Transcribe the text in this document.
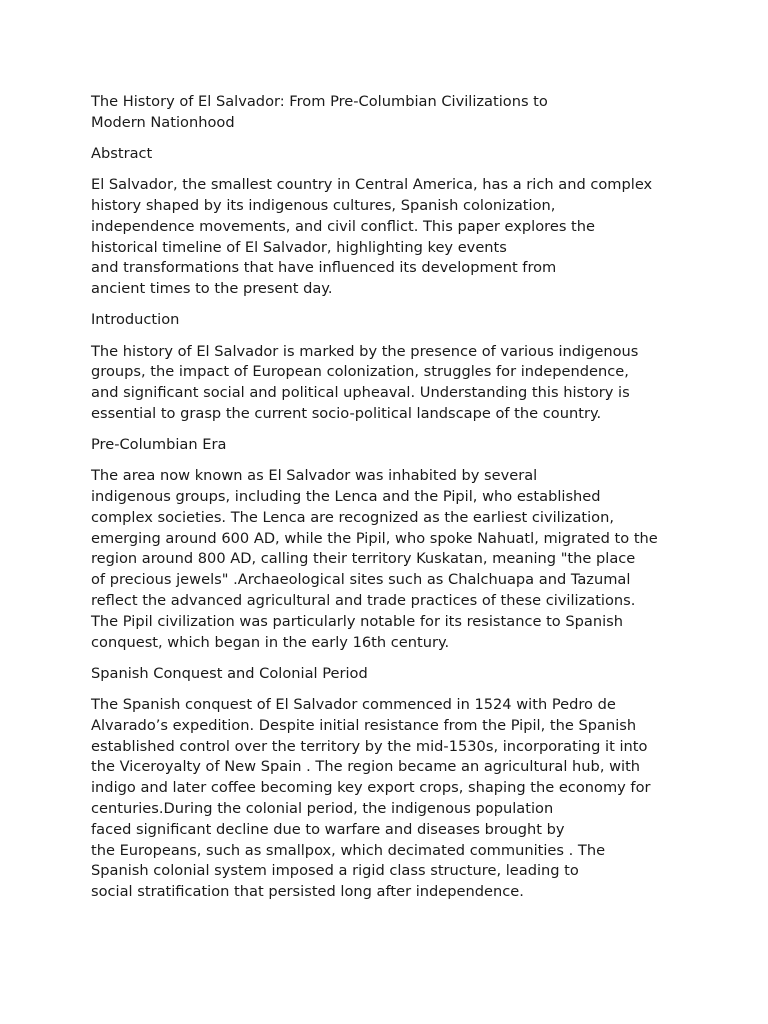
The History of El Salvador: From Pre-Columbian Civilizations to
Modern Nationhood
Abstract
El Salvador, the smallest country in Central America, has a rich and complex
history shaped by its indigenous cultures, Spanish colonization,
independence movements, and civil conflict. This paper explores the
historical timeline of El Salvador, highlighting key events
and transformations that have influenced its development from
ancient times to the present day.
Introduction
The history of El Salvador is marked by the presence of various indigenous
groups, the impact of European colonization, struggles for independence,
and significant social and political upheaval. Understanding this history is
essential to grasp the current socio-political landscape of the country.
Pre-Columbian Era
The area now known as El Salvador was inhabited by several
indigenous groups, including the Lenca and the Pipil, who established
complex societies. The Lenca are recognized as the earliest civilization,
emerging around 600 AD, while the Pipil, who spoke Nahuatl, migrated to the
region around 800 AD, calling their territory Kuskatan, meaning "the place
of precious jewels" .Archaeological sites such as Chalchuapa and Tazumal
reflect the advanced agricultural and trade practices of these civilizations.
The Pipil civilization was particularly notable for its resistance to Spanish
conquest, which began in the early 16th century.
Spanish Conquest and Colonial Period
The Spanish conquest of El Salvador commenced in 1524 with Pedro de
Alvarado’s expedition. Despite initial resistance from the Pipil, the Spanish
established control over the territory by the mid-1530s, incorporating it into
the Viceroyalty of New Spain . The region became an agricultural hub, with
indigo and later coffee becoming key export crops, shaping the economy for
centuries.During the colonial period, the indigenous population
faced significant decline due to warfare and diseases brought by
the Europeans, such as smallpox, which decimated communities . The
Spanish colonial system imposed a rigid class structure, leading to
social stratification that persisted long after independence.
